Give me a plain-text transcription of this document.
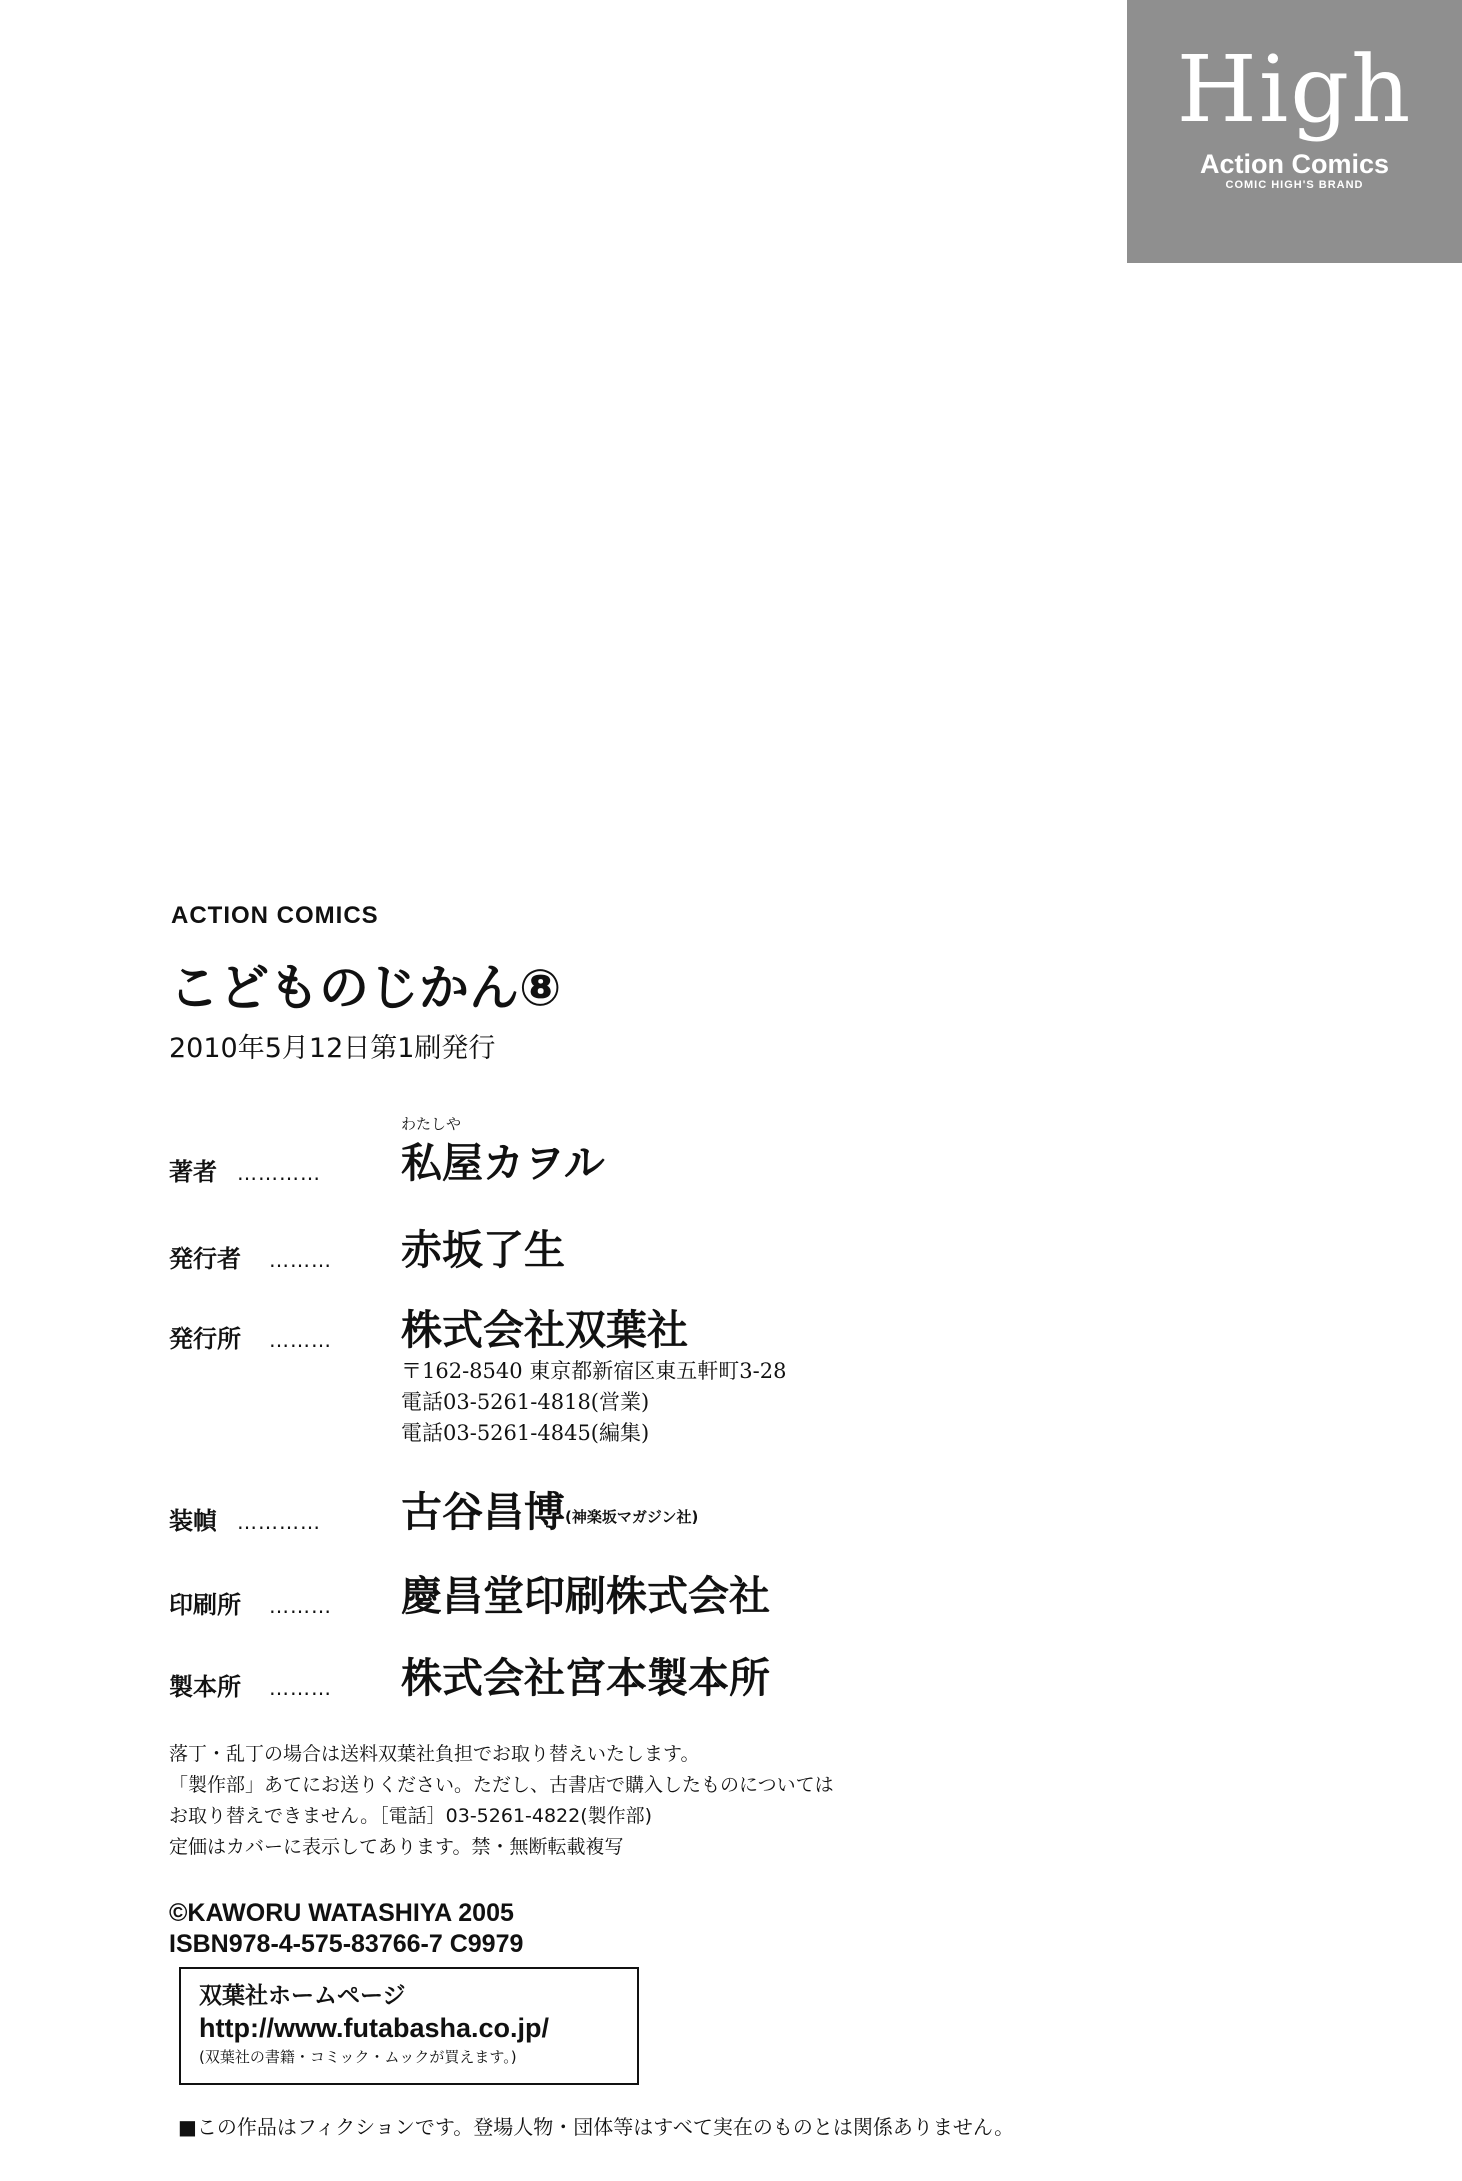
High
Action Comics
COMIC HIGH'S BRAND
ACTION COMICS
こどものじかん⑧
2010年5月12日第1刷発行
わたしや
著者 ………… 私屋カヲル
発行者 ……… 赤坂了生
発行所 ……… 株式会社双葉社
〒162-8540 東京都新宿区東五軒町3-28
電話03-5261-4818(営業)
電話03-5261-4845(編集)
装幀 ………… 古谷昌博(神楽坂マガジン社)
印刷所 ……… 慶昌堂印刷株式会社
製本所 ……… 株式会社宮本製本所
落丁・乱丁の場合は送料双葉社負担でお取り替えいたします。
「製作部」あてにお送りください。ただし、古書店で購入したものについては
お取り替えできません。［電話］03-5261-4822(製作部)
定価はカバーに表示してあります。禁・無断転載複写
©KAWORU WATASHIYA 2005
ISBN978-4-575-83766-7 C9979
双葉社ホームページ
http://www.futabasha.co.jp/
(双葉社の書籍・コミック・ムックが買えます。)
■この作品はフィクションです。登場人物・団体等はすべて実在のものとは関係ありません。
